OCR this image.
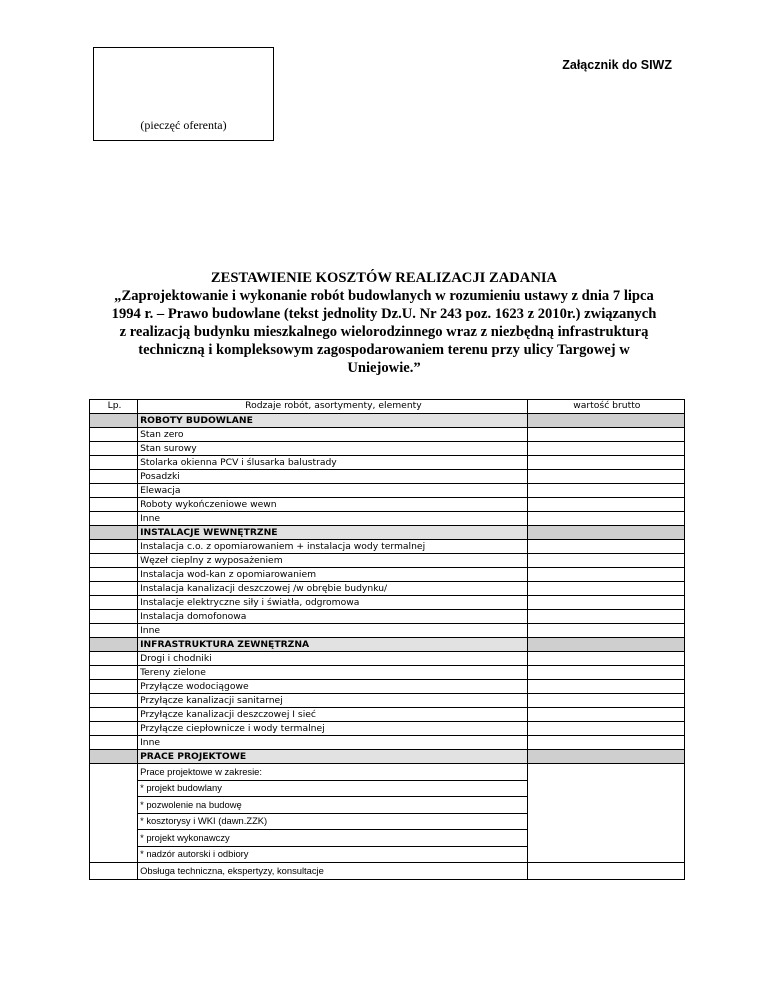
(pieczęć oferenta)
Załącznik do SIWZ
ZESTAWIENIE KOSZTÓW REALIZACJI ZADANIA
„Zaprojektowanie i wykonanie robót budowlanych w rozumieniu ustawy z dnia 7 lipca
1994 r. – Prawo budowlane (tekst jednolity Dz.U. Nr 243 poz. 1623 z 2010r.) związanych
z realizacją budynku mieszkalnego wielorodzinnego wraz z niezbędną infrastrukturą
techniczną i kompleksowym zagospodarowaniem terenu przy ulicy Targowej w
Uniejowie.”
Lp.	Rodzaje robót, asortymenty, elementy	wartość brutto
	ROBOTY BUDOWLANE	
	Stan zero	
	Stan surowy	
	Stolarka okienna PCV i ślusarka balustrady	
	Posadzki	
	Elewacja	
	Roboty wykończeniowe wewn	
	Inne	
	INSTALACJE WEWNĘTRZNE	
	Instalacja c.o. z opomiarowaniem + instalacja wody termalnej	
	Węzeł cieplny z wyposażeniem	
	Instalacja wod-kan z opomiarowaniem	
	Instalacja kanalizacji deszczowej /w obrębie budynku/	
	Instalacje elektryczne siły i światła, odgromowa	
	Instalacja domofonowa	
	Inne	
	INFRASTRUKTURA ZEWNĘTRZNA	
	Drogi i chodniki	
	Tereny zielone	
	Przyłącze wodociągowe	
	Przyłącze kanalizacji sanitarnej	
	Przyłącze kanalizacji deszczowej I sieć	
	Przyłącze ciepłownicze i wody termalnej	
	Inne	
	PRACE PROJEKTOWE	
	Prace projektowe w zakresie:	
	* projekt budowlany	
	* pozwolenie na budowę	
	* kosztorysy i WKI (dawn.ZZK)	
	* projekt wykonawczy	
	* nadzór autorski i odbiory	
	Obsługa techniczna, ekspertyzy, konsultacje	
